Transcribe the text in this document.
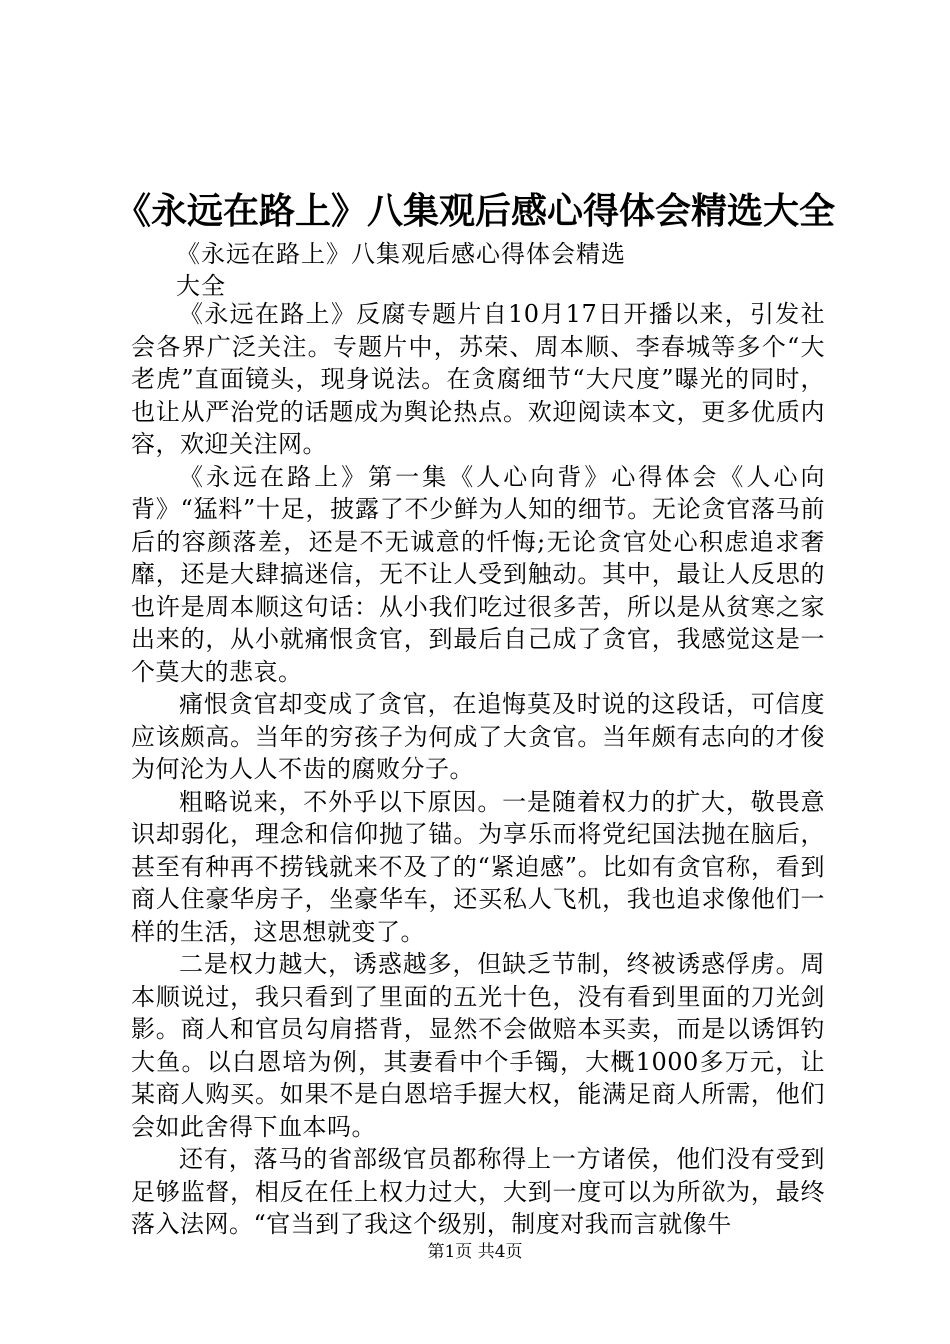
《永远在路上》八集观后感心得体会精选大全
《永远在路上》八集观后感心得体会精选大全

《永远在路上》反腐专题片自10月17日开播以来，引发社会各界广泛关注。专题片中，苏荣、周本顺、李春城等多个“大老虎”直面镜头，现身说法。在贪腐细节“大尺度”曝光的同时，也让从严治党的话题成为舆论热点。欢迎阅读本文，更多优质内容，欢迎关注网。

《永远在路上》第一集《人心向背》心得体会《人心向背》“猛料”十足，披露了不少鲜为人知的细节。无论贪官落马前后的容颜落差，还是不无诚意的忏悔;无论贪官处心积虑追求奢靡，还是大肆搞迷信，无不让人受到触动。其中，最让人反思的也许是周本顺这句话：从小我们吃过很多苦，所以是从贫寒之家出来的，从小就痛恨贪官，到最后自己成了贪官，我感觉这是一个莫大的悲哀。

痛恨贪官却变成了贪官，在追悔莫及时说的这段话，可信度应该颇高。当年的穷孩子为何成了大贪官。当年颇有志向的才俊为何沦为人人不齿的腐败分子。

粗略说来，不外乎以下原因。一是随着权力的扩大，敬畏意识却弱化，理念和信仰抛了锚。为享乐而将党纪国法抛在脑后，甚至有种再不捞钱就来不及了的“紧迫感”。比如有贪官称，看到商人住豪华房子，坐豪华车，还买私人飞机，我也追求像他们一样的生活，这思想就变了。

二是权力越大，诱惑越多，但缺乏节制，终被诱惑俘虏。周本顺说过，我只看到了里面的五光十色，没有看到里面的刀光剑影。商人和官员勾肩搭背，显然不会做赔本买卖，而是以诱饵钓大鱼。以白恩培为例，其妻看中个手镯，大概1000多万元，让某商人购买。如果不是白恩培手握大权，能满足商人所需，他们会如此舍得下血本吗。

还有，落马的省部级官员都称得上一方诸侯，他们没有受到足够监督，相反在任上权力过大，大到一度可以为所欲为，最终落入法网。“官当到了我这个级别，制度对我而言就像牛

第1页 共4页
